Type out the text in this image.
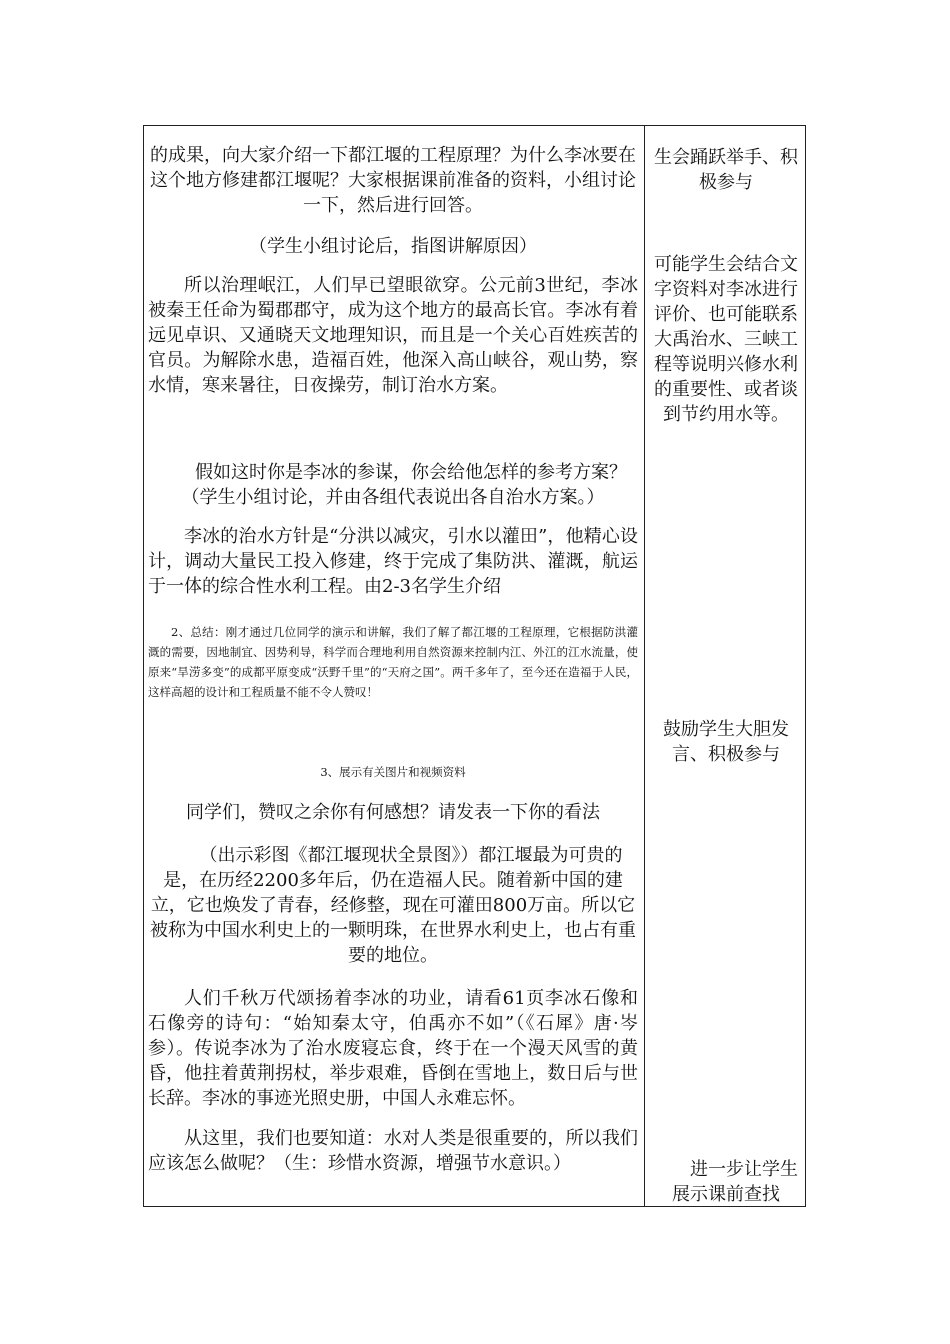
的成果，向大家介绍一下都江堰的工程原理？为什么李冰要在这个地方修建都江堰呢？大家根据课前准备的资料，小组讨论一下，然后进行回答。

（学生小组讨论后，指图讲解原因）

所以治理岷江，人们早已望眼欲穿。公元前3世纪，李冰被秦王任命为蜀郡郡守，成为这个地方的最高长官。李冰有着远见卓识、又通晓天文地理知识，而且是一个关心百姓疾苦的官员。为解除水患，造福百姓，他深入高山峡谷，观山势，察水情，寒来暑往，日夜操劳，制订治水方案。

假如这时你是李冰的参谋，你会给他怎样的参考方案？（学生小组讨论，并由各组代表说出各自治水方案。）

李冰的治水方针是“分洪以减灾，引水以灌田”，他精心设计，调动大量民工投入修建，终于完成了集防洪、灌溉，航运于一体的综合性水利工程。由2-3名学生介绍

2、总结：刚才通过几位同学的演示和讲解，我们了解了都江堰的工程原理，它根据防洪灌溉的需要，因地制宜、因势利导，科学而合理地利用自然资源来控制内江、外江的江水流量，使原来“旱涝多变”的成都平原变成“沃野千里”的“天府之国”。两千多年了，至今还在造福于人民，这样高超的设计和工程质量不能不令人赞叹！

3、展示有关图片和视频资料

同学们，赞叹之余你有何感想？请发表一下你的看法

（出示彩图《都江堰现状全景图》）都江堰最为可贵的是，在历经2200多年后，仍在造福人民。随着新中国的建立，它也焕发了青春，经修整，现在可灌田800万亩。所以它被称为中国水利史上的一颗明珠，在世界水利史上，也占有重要的地位。

人们千秋万代颂扬着李冰的功业，请看61页李冰石像和石像旁的诗句：“始知秦太守，伯禹亦不如”（《石犀》唐·岑参）。传说李冰为了治水废寝忘食，终于在一个漫天风雪的黄昏，他拄着黄荆拐杖，举步艰难，昏倒在雪地上，数日后与世长辞。李冰的事迹光照史册，中国人永难忘怀。

从这里，我们也要知道：水对人类是很重要的，所以我们应该怎么做呢？（生：珍惜水资源，增强节水意识。）

生会踊跃举手、积极参与

可能学生会结合文字资料对李冰进行评价、也可能联系大禹治水、三峡工程等说明兴修水利的重要性、或者谈到节约用水等。

鼓励学生大胆发言、积极参与

进一步让学生展示课前查找
